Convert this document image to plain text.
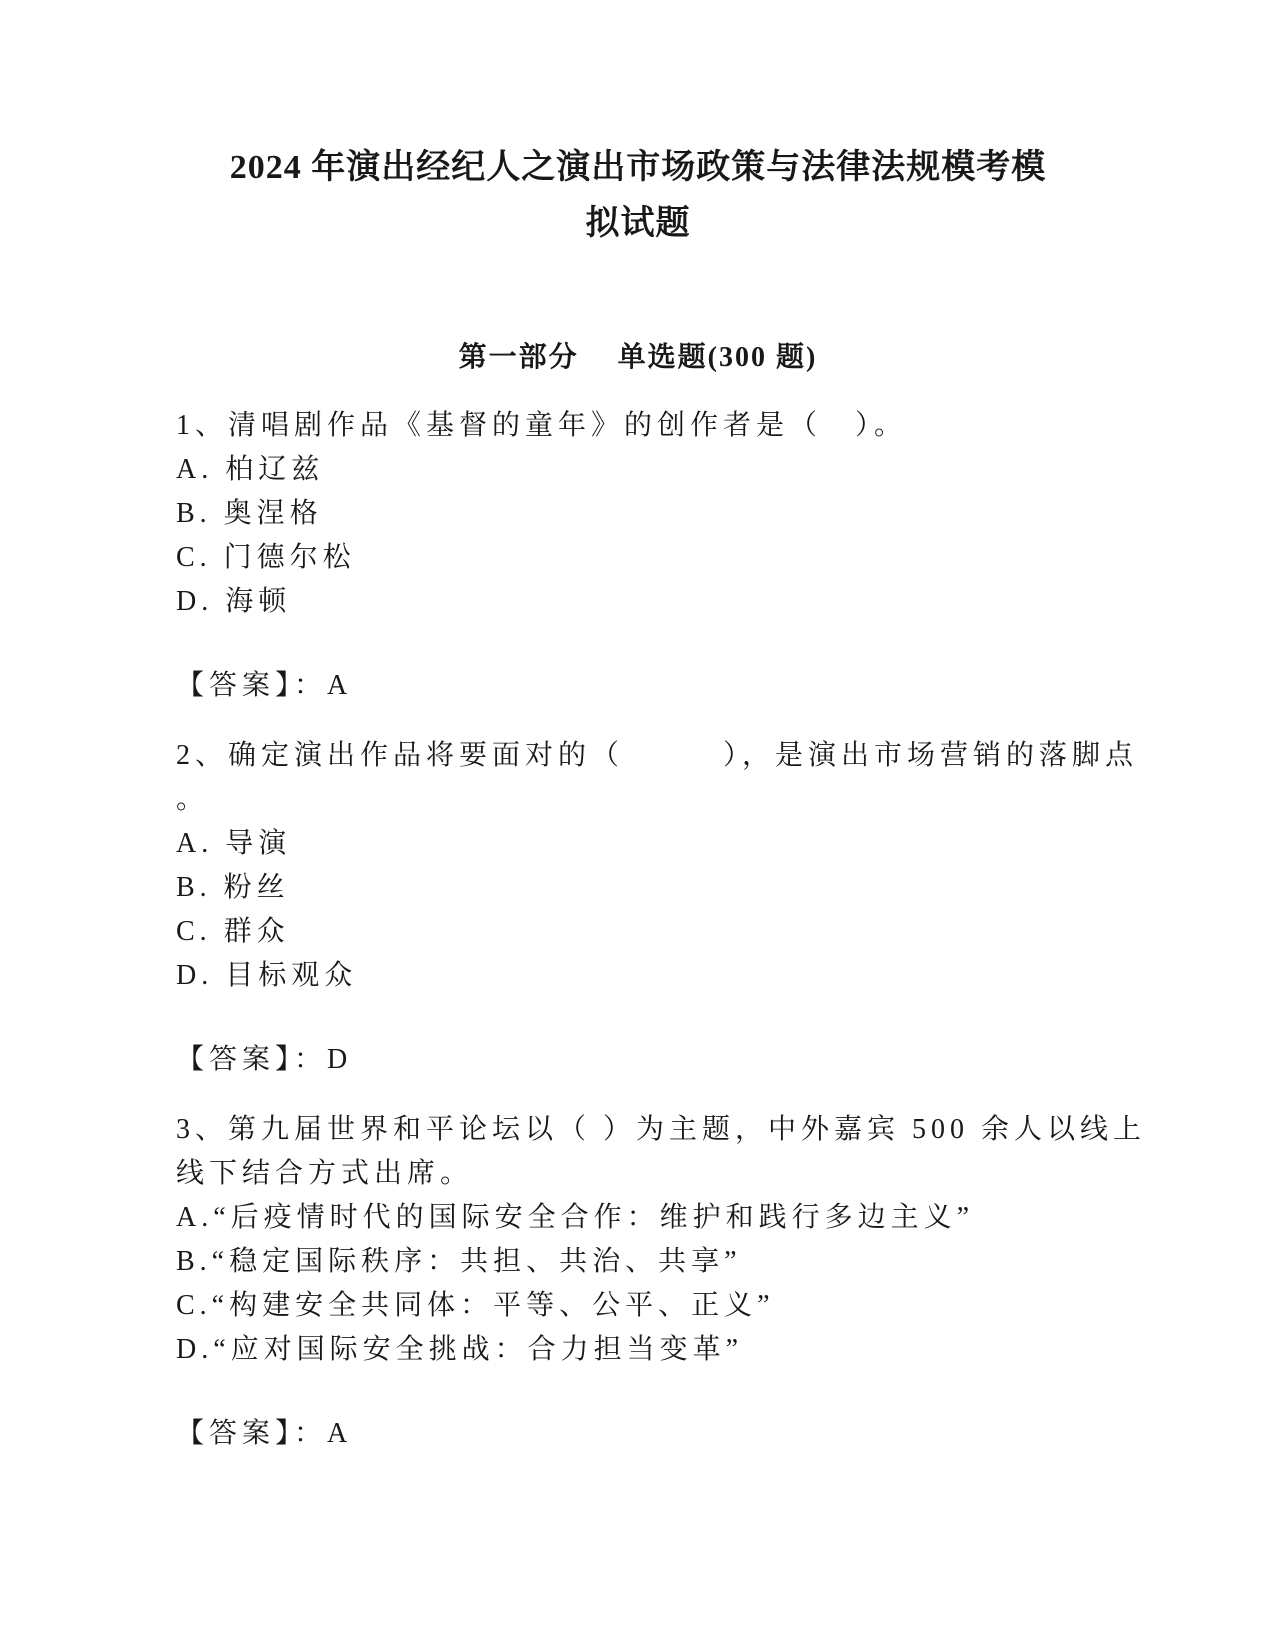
2024 年演出经纪人之演出市场政策与法律法规模考模
拟试题
第一部分　 单选题(300 题)
1、清唱剧作品《基督的童年》的创作者是（　）。
A. 柏辽兹
B. 奥涅格
C. 门德尔松
D. 海顿
【答案】：A
2、确定演出作品将要面对的（　　　），是演出市场营销的落脚点
。
A. 导演
B. 粉丝
C. 群众
D. 目标观众
【答案】：D
3、第九届世界和平论坛以（ ）为主题，中外嘉宾 500 余人以线上
线下结合方式出席。
A.“后疫情时代的国际安全合作：维护和践行多边主义”
B.“稳定国际秩序：共担、共治、共享”
C.“构建安全共同体：平等、公平、正义”
D.“应对国际安全挑战：合力担当变革”
【答案】：A
